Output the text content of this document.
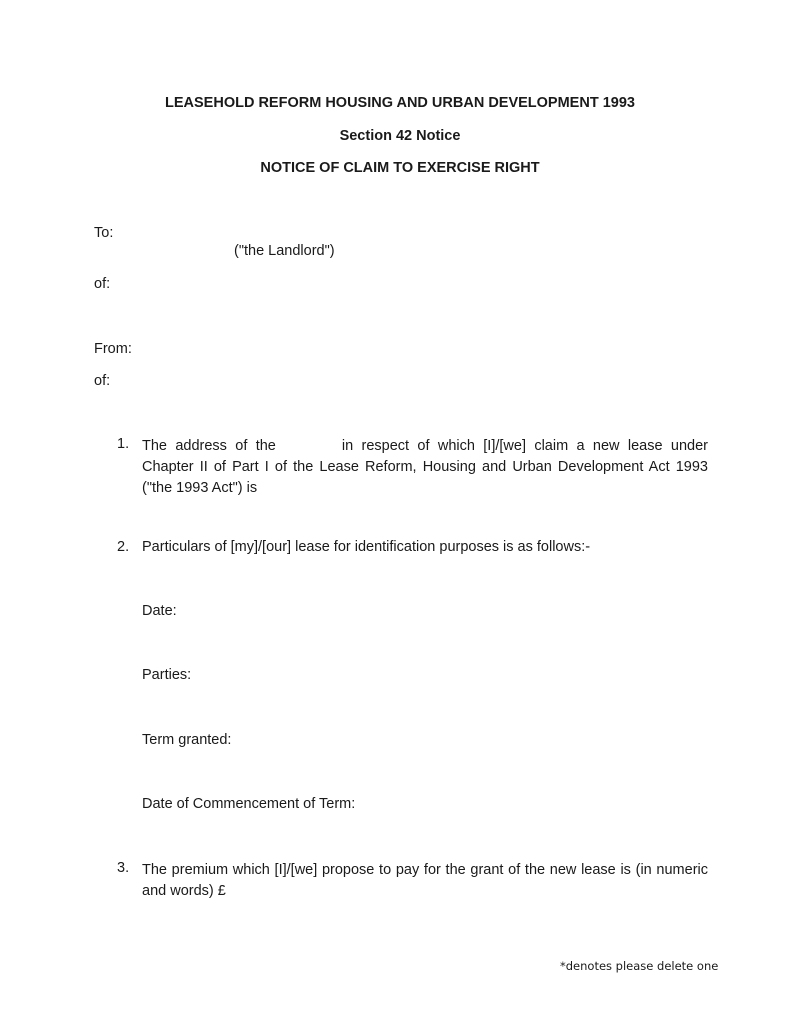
LEASEHOLD REFORM HOUSING AND URBAN DEVELOPMENT 1993
Section 42 Notice
NOTICE OF CLAIM TO EXERCISE RIGHT
To:
("the Landlord")
of:
From:
of:
1. The address of the	in respect of which [I]/[we] claim a new lease under Chapter II of Part I of the Lease Reform, Housing and Urban Development Act 1993 ("the 1993 Act") is
2. Particulars of [my]/[our] lease for identification purposes is as follows:-
Date:
Parties:
Term granted:
Date of Commencement of Term:
3. The premium which [I]/[we] propose to pay for the grant of the new lease is (in numeric and words) £
*denotes please delete one
